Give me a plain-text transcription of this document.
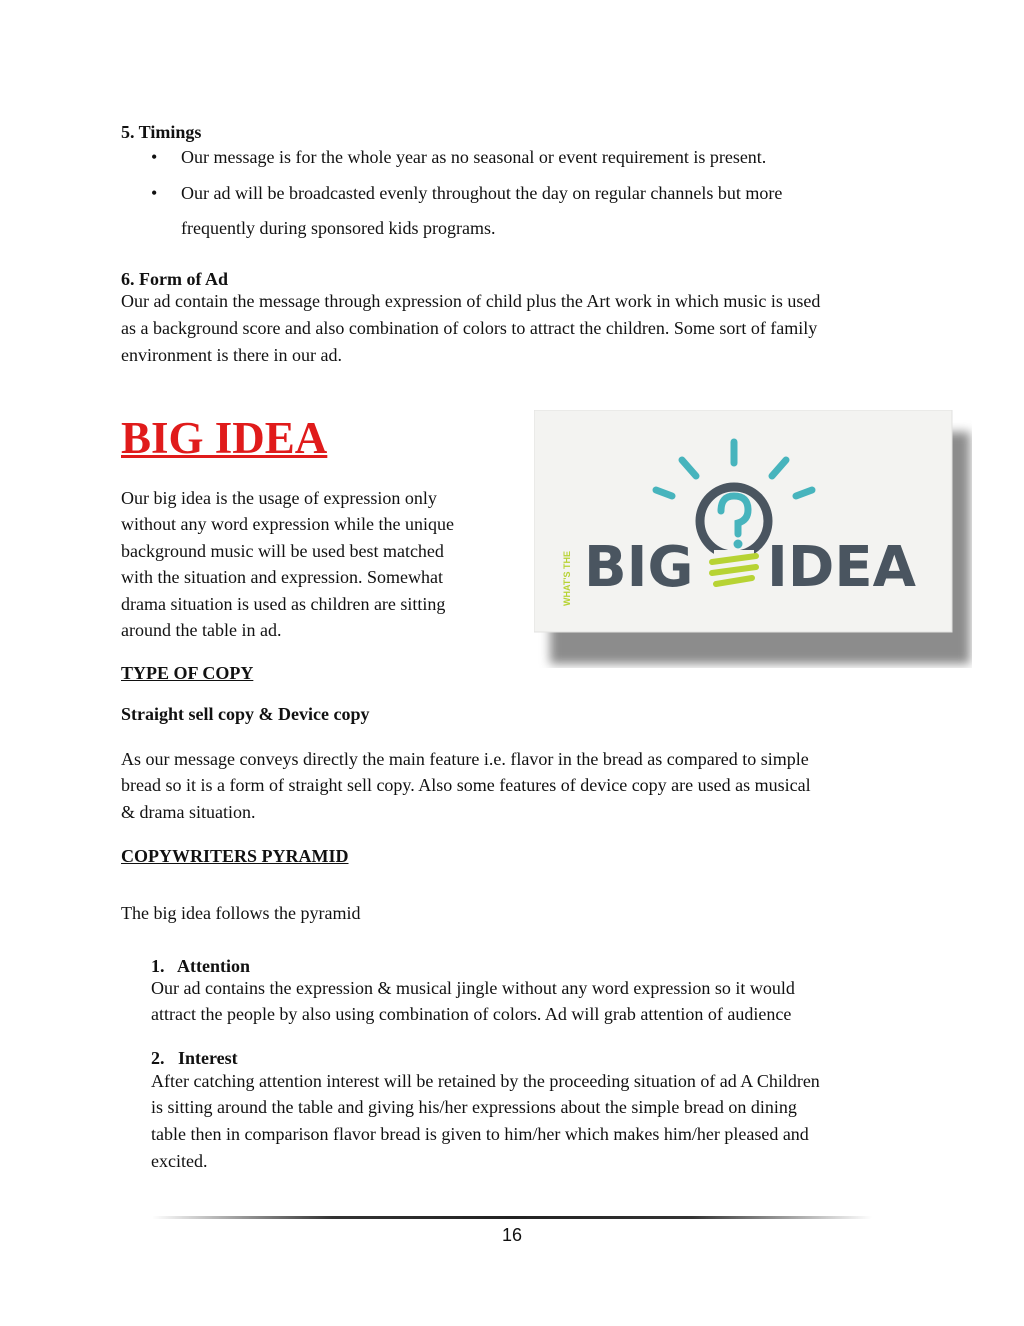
5. Timings
• Our message is for the whole year as no seasonal or event requirement is present.
• Our ad will be broadcasted evenly throughout the day on regular channels but more
frequently during sponsored kids programs.
6. Form of Ad
Our ad contain the message through expression of child plus the Art work in which music is used
as a background score and also combination of colors to attract the children. Some sort of family
environment is there in our ad.
BIG IDEA
Our big idea is the usage of expression only
without any word expression while the unique
background music will be used best matched
with the situation and expression. Somewhat
drama situation is used as children are sitting
around the table in ad.
WHAT'S THE BIG IDEA
TYPE OF COPY
Straight sell copy & Device copy
As our message conveys directly the main feature i.e. flavor in the bread as compared to simple
bread so it is a form of straight sell copy. Also some features of device copy are used as musical
& drama situation.
COPYWRITERS PYRAMID
The big idea follows the pyramid
1.   Attention
Our ad contains the expression & musical jingle without any word expression so it would
attract the people by also using combination of colors. Ad will grab attention of audience
2.   Interest
After catching attention interest will be retained by the proceeding situation of ad A Children
is sitting around the table and giving his/her expressions about the simple bread on dining
table then in comparison flavor bread is given to him/her which makes him/her pleased and
excited.
16
